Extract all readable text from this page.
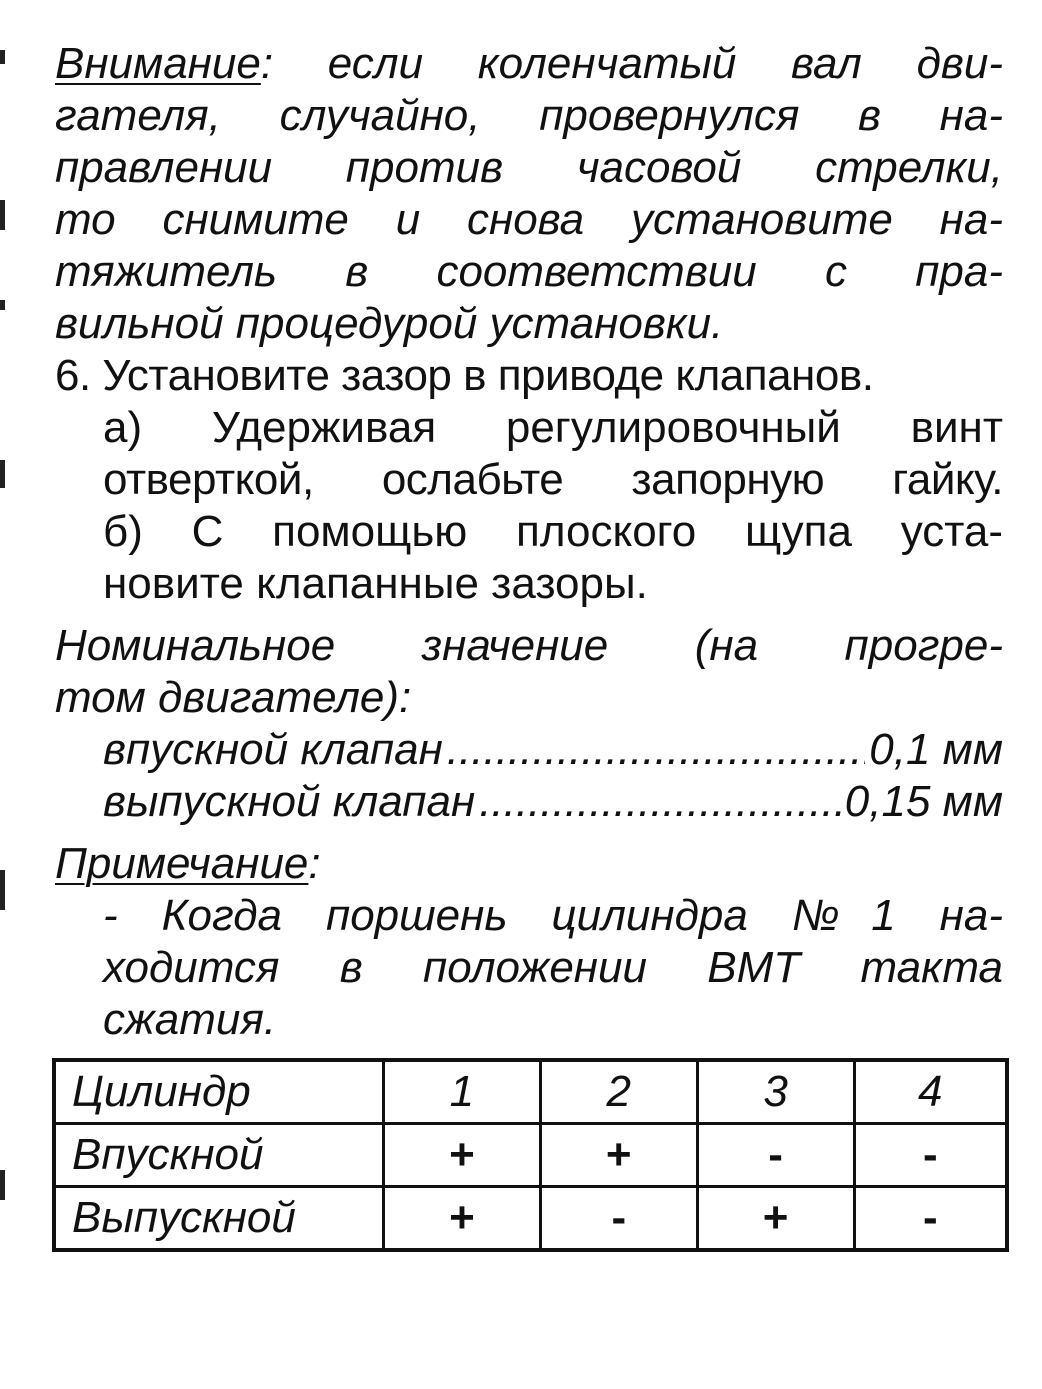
Внимание: если коленчатый вал дви-
гателя, случайно, провернулся в на-
правлении против часовой стрелки,
то снимите и снова установите на-
тяжитель в соответствии с пра-
вильной процедурой установки.
6. Установите зазор в приводе клапанов.
а) Удерживая регулировочный винт
отверткой, ослабьте запорную гайку.
б) С помощью плоского щупа уста-
новите клапанные зазоры.
Номинальное значение (на прогре-
том двигателе):
впускной клапан .....	0,1 мм
выпускной клапан .....	0,15 мм
Примечание:
- Когда поршень цилиндра №1 на-
ходится в положении ВМТ такта
сжатия.
Цилиндр	1	2	3	4
Впускной	+	+	-	-
Выпускной	+	-	+	-
